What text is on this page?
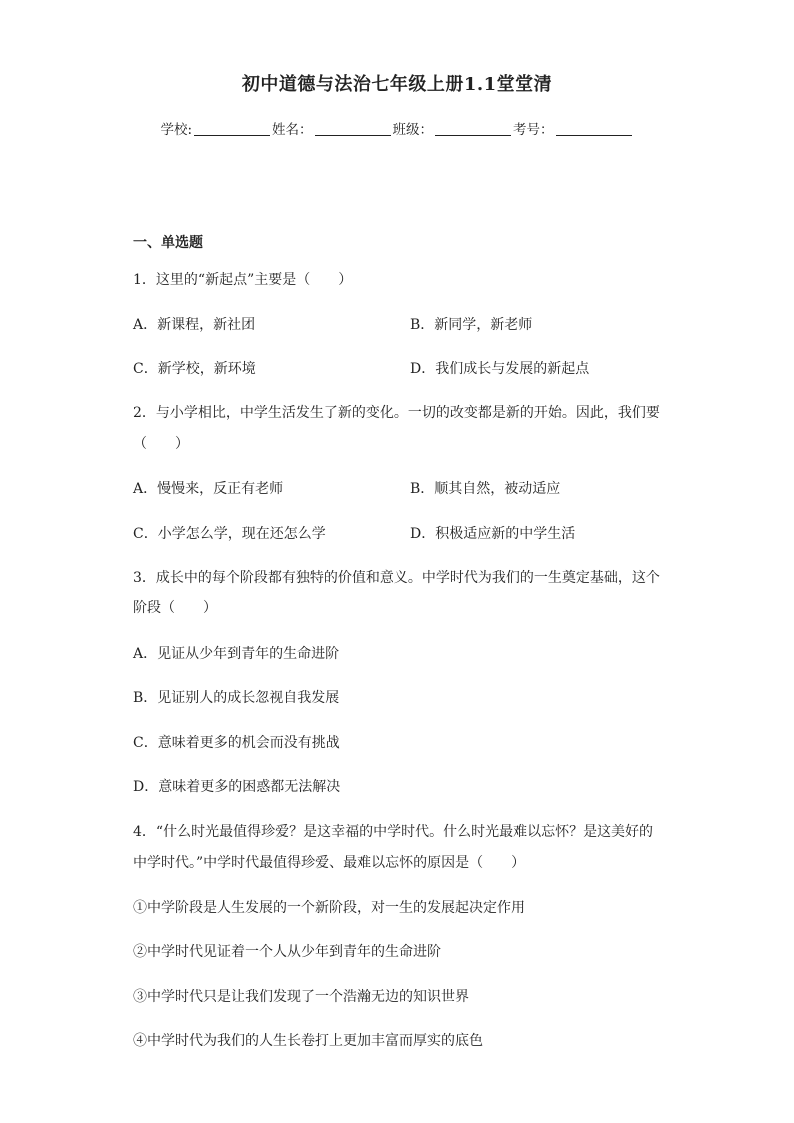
初中道德与法治七年级上册1.1堂堂清
学校:	姓名：	班级：	考号：
一、单选题
1．这里的“新起点”主要是（　　）
A．新课程，新社团	B．新同学，新老师
C．新学校，新环境	D．我们成长与发展的新起点
2．与小学相比，中学生活发生了新的变化。一切的改变都是新的开始。因此，我们要
（　　）
A．慢慢来，反正有老师	B．顺其自然，被动适应
C．小学怎么学，现在还怎么学	D．积极适应新的中学生活
3．成长中的每个阶段都有独特的价值和意义。中学时代为我们的一生奠定基础，这个
阶段（　　）
A．见证从少年到青年的生命进阶
B．见证别人的成长忽视自我发展
C．意味着更多的机会而没有挑战
D．意味着更多的困惑都无法解决
4．“什么时光最值得珍爱？是这幸福的中学时代。什么时光最难以忘怀？是这美好的
中学时代。”中学时代最值得珍爱、最难以忘怀的原因是（　　）
①中学阶段是人生发展的一个新阶段，对一生的发展起决定作用
②中学时代见证着一个人从少年到青年的生命进阶
③中学时代只是让我们发现了一个浩瀚无边的知识世界
④中学时代为我们的人生长卷打上更加丰富而厚实的底色
